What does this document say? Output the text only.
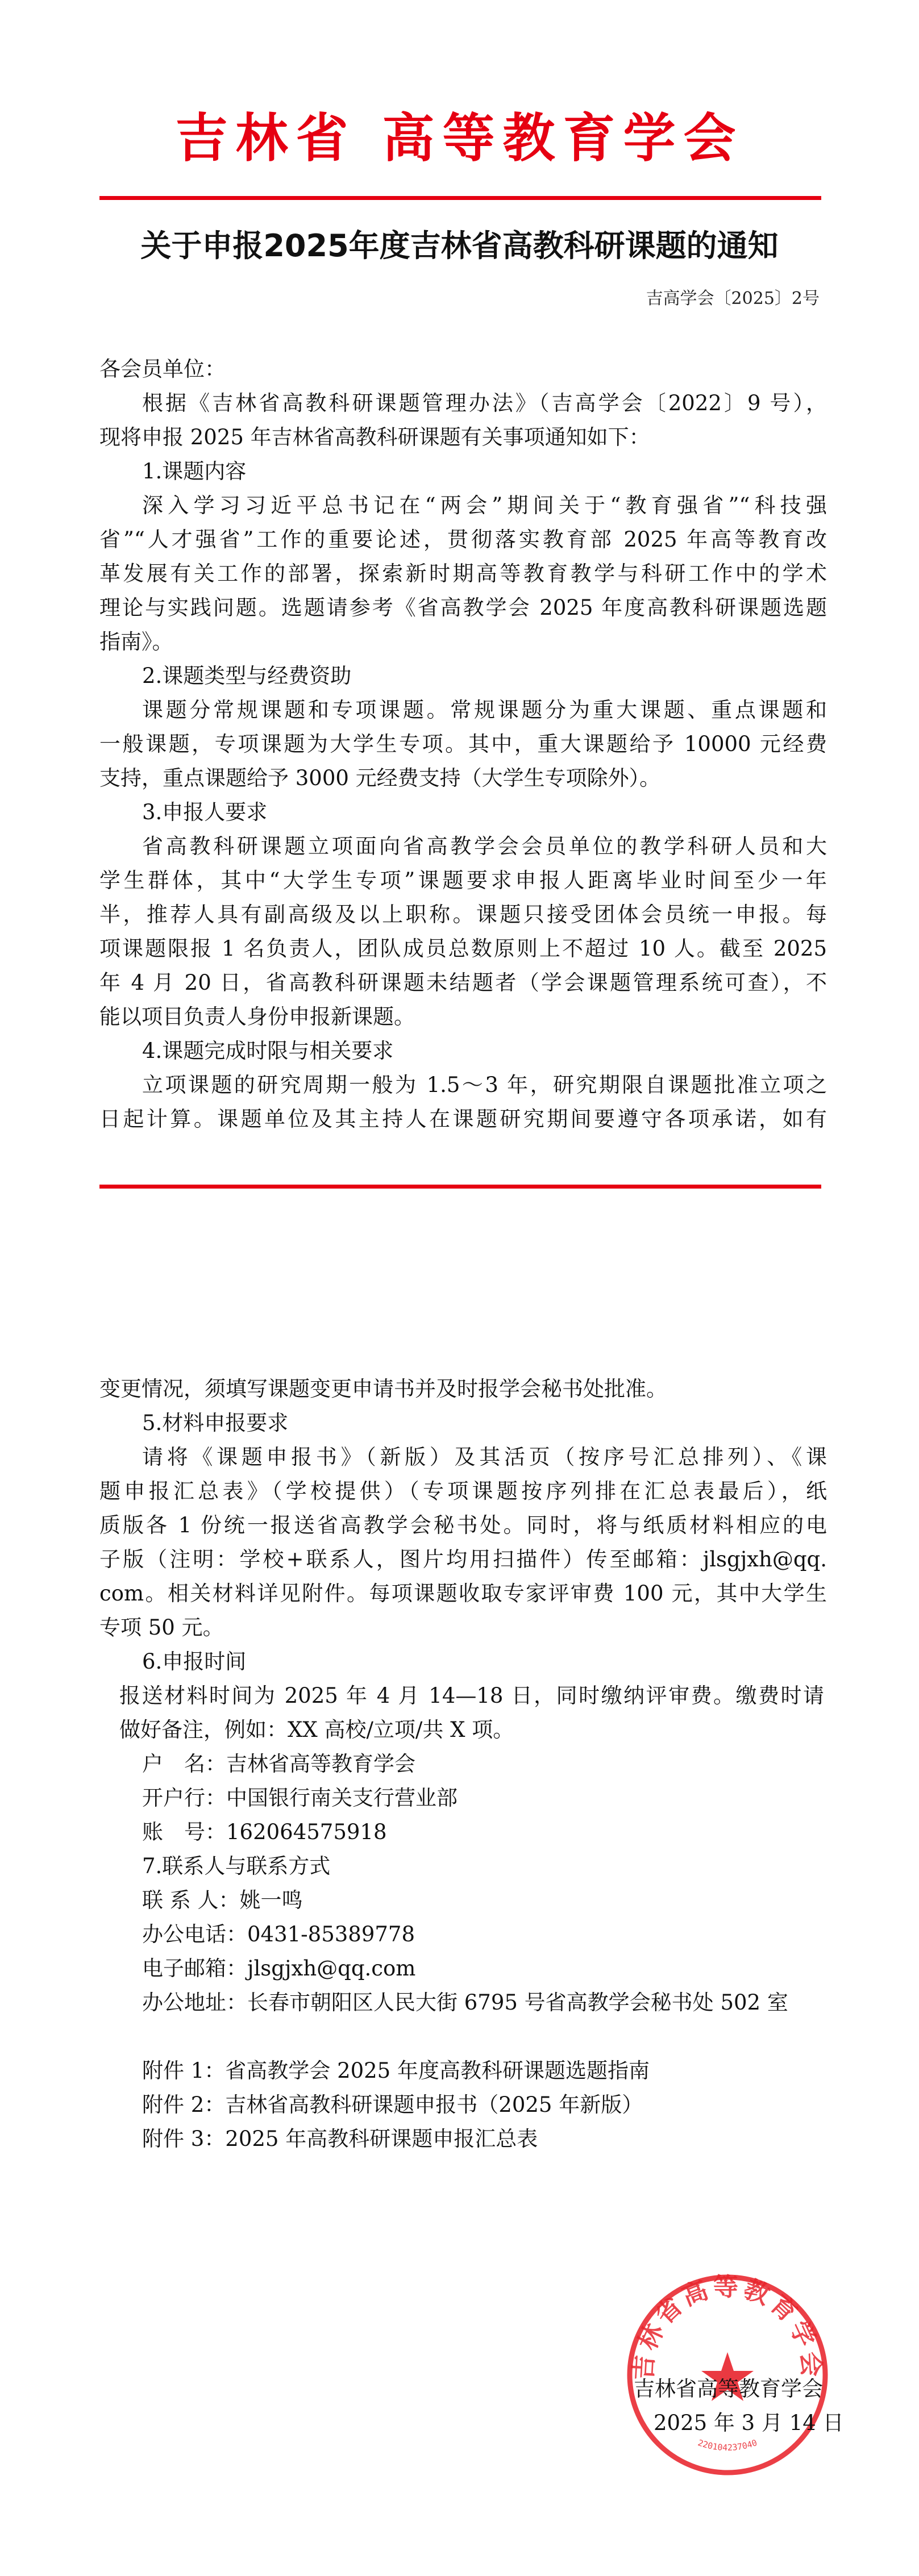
吉林省 高等教育学会
关于申报2025年度吉林省高教科研课题的通知
吉高学会〔2025〕2号
各会员单位：
根据《吉林省高教科研课题管理办法》（吉高学会〔2022〕9 号），
现将申报 2025 年吉林省高教科研课题有关事项通知如下：
1.课题内容
深入学习习近平总书记在“两会”期间关于“教育强省”“科技强
省”“人才强省”工作的重要论述，贯彻落实教育部 2025 年高等教育改
革发展有关工作的部署，探索新时期高等教育教学与科研工作中的学术
理论与实践问题。选题请参考《省高教学会 2025 年度高教科研课题选题
指南》。
2.课题类型与经费资助
课题分常规课题和专项课题。常规课题分为重大课题、重点课题和
一般课题，专项课题为大学生专项。其中，重大课题给予 10000 元经费
支持，重点课题给予 3000 元经费支持（大学生专项除外）。
3.申报人要求
省高教科研课题立项面向省高教学会会员单位的教学科研人员和大
学生群体，其中“大学生专项”课题要求申报人距离毕业时间至少一年
半，推荐人具有副高级及以上职称。课题只接受团体会员统一申报。每
项课题限报 1 名负责人，团队成员总数原则上不超过 10 人。截至 2025
年 4 月 20 日，省高教科研课题未结题者（学会课题管理系统可查），不
能以项目负责人身份申报新课题。
4.课题完成时限与相关要求
立项课题的研究周期一般为 1.5～3 年，研究期限自课题批准立项之
日起计算。课题单位及其主持人在课题研究期间要遵守各项承诺，如有
变更情况，须填写课题变更申请书并及时报学会秘书处批准。
5.材料申报要求
请将《课题申报书》（新版）及其活页（按序号汇总排列）、《课
题申报汇总表》（学校提供）（专项课题按序列排在汇总表最后），纸
质版各 1 份统一报送省高教学会秘书处。同时，将与纸质材料相应的电
子版（注明：学校+联系人，图片均用扫描件）传至邮箱：jlsgjxh@qq.
com。相关材料详见附件。每项课题收取专家评审费 100 元，其中大学生
专项 50 元。
6.申报时间
报送材料时间为 2025 年 4 月 14—18 日，同时缴纳评审费。缴费时请
做好备注，例如：XX 高校/立项/共 X 项。
户　名：吉林省高等教育学会
开户行：中国银行南关支行营业部
账　号：162064575918
7.联系人与联系方式
联 系 人：姚一鸣
办公电话：0431-85389778
电子邮箱：jlsgjxh@qq.com
办公地址：长春市朝阳区人民大街 6795 号省高教学会秘书处 502 室
附件 1：省高教学会 2025 年度高教科研课题选题指南
附件 2：吉林省高教科研课题申报书（2025 年新版）
附件 3：2025 年高教科研课题申报汇总表
吉林省高等教育学会
220104237040
吉林省高等教育学会
2025 年 3 月 14 日
